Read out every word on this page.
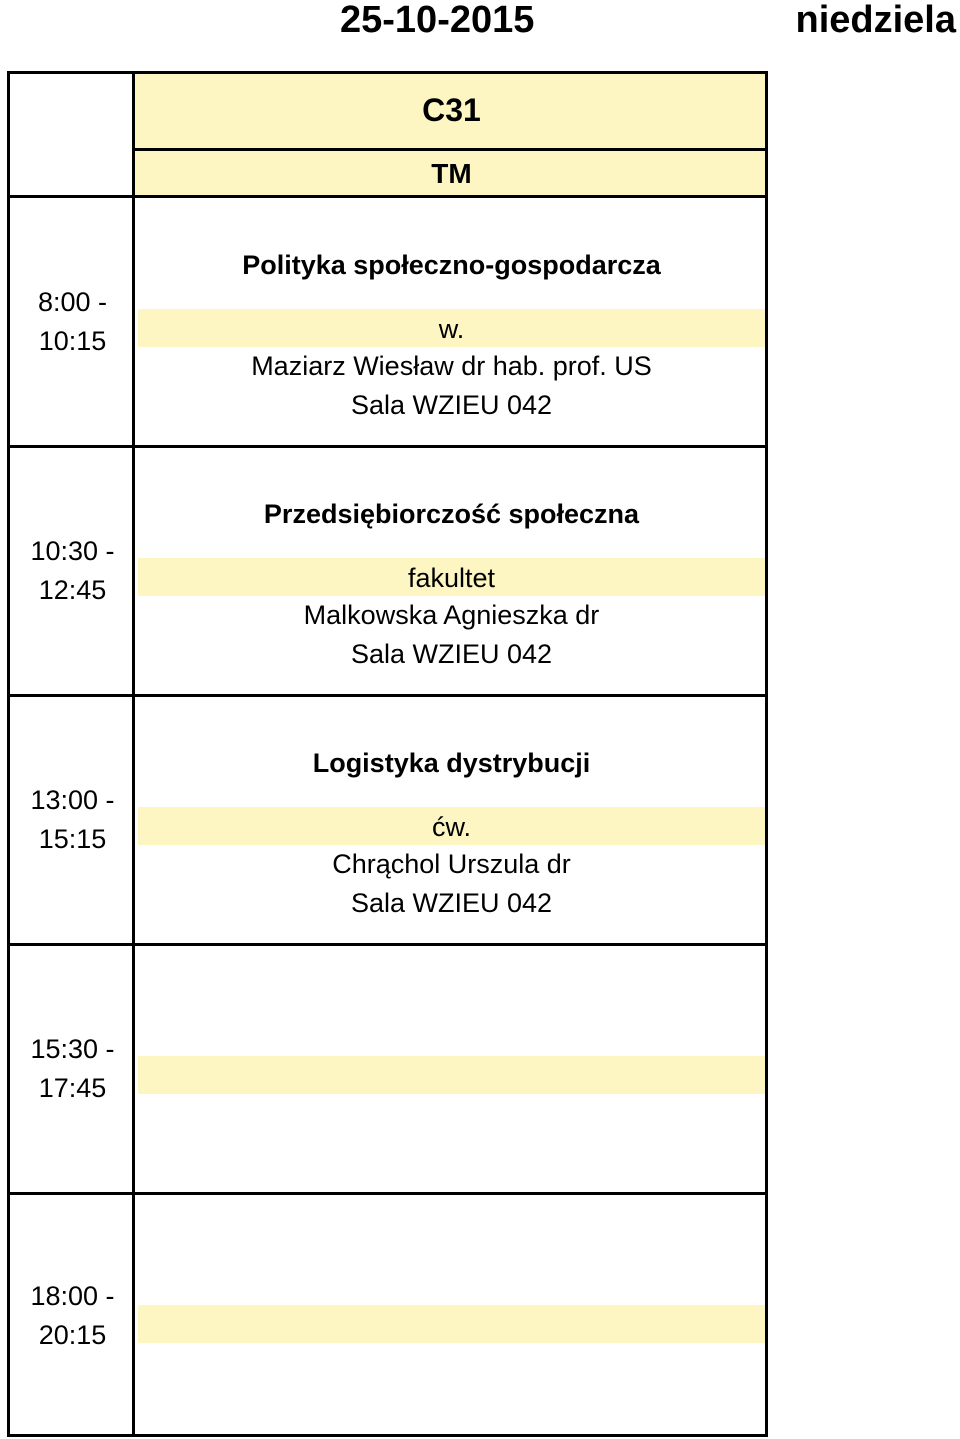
25-10-2015	niedziela
C31
TM
8:00 -
10:15
Polityka społeczno-gospodarcza
w.
Maziarz Wiesław dr hab. prof. US
Sala WZIEU 042
10:30 -
12:45
Przedsiębiorczość społeczna
fakultet
Malkowska Agnieszka dr
Sala WZIEU 042
13:00 -
15:15
Logistyka dystrybucji
ćw.
Chrąchol Urszula dr
Sala WZIEU 042
15:30 -
17:45
18:00 -
20:15
